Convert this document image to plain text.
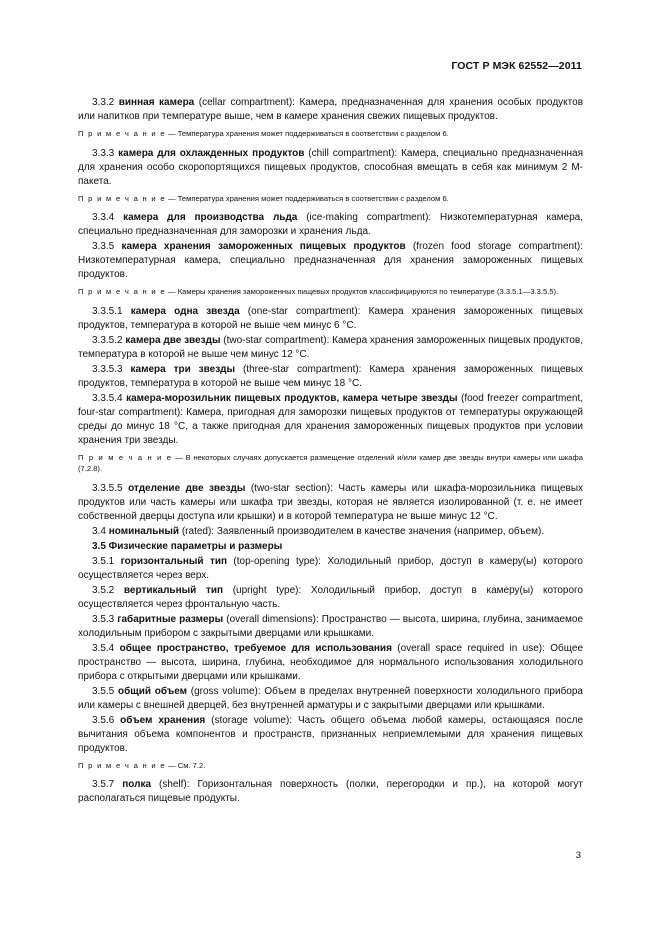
ГОСТ Р МЭК 62552—2011

3.3.2 винная камера (cellar compartment): Камера, предназначенная для хранения особых продуктов или напитков при температуре выше, чем в камере хранения свежих пищевых продуктов.

П р и м е ч а н и е — Температура хранения может поддерживаться в соответствии с разделом 6.

3.3.3 камера для охлажденных продуктов (chill compartment): Камера, специально предназначенная для хранения особо скоропортящихся пищевых продуктов, способная вмещать в себя как минимум 2 М-пакета.

П р и м е ч а н и е — Температура хранения может поддерживаться в соответствии с разделом 6.

3.3.4 камера для производства льда (ice-making compartment): Низкотемпературная камера, специально предназначенная для заморозки и хранения льда.

3.3.5 камера хранения замороженных пищевых продуктов (frozen food storage compartment): Низкотемпературная камера, специально предназначенная для хранения замороженных пищевых продуктов.

П р и м е ч а н и е — Камеры хранения замороженных пищевых продуктов классифицируются по температуре (3.3.5.1—3.3.5.5).

3.3.5.1 камера одна звезда (one-star compartment): Камера хранения замороженных пищевых продуктов, температура в которой не выше чем минус 6 °С.

3.3.5.2 камера две звезды (two-star compartment): Камера хранения замороженных пищевых продуктов, температура в которой не выше чем минус 12 °С.

3.3.5.3 камера три звезды (three-star compartment): Камера хранения замороженных пищевых продуктов, температура в которой не выше чем минус 18 °С.

3.3.5.4 камера-морозильник пищевых продуктов, камера четыре звезды (food freezer compartment, four-star compartment): Камера, пригодная для заморозки пищевых продуктов от температуры окружающей среды до минус 18 °С, а также пригодная для хранения замороженных пищевых продуктов при условии хранения три звезды.

П р и м е ч а н и е — В некоторых случаях допускается размещение отделений и/или камер две звезды внутри камеры или шкафа (7.2.8).

3.3.5.5 отделение две звезды (two-star section): Часть камеры или шкафа-морозильника пищевых продуктов или часть камеры или шкафа три звезды, которая не является изолированной (т. е. не имеет собственной дверцы доступа или крышки) и в которой температура не выше минус 12 °С.

3.4 номинальный (rated): Заявленный производителем в качестве значения (например, объем).

3.5 Физические параметры и размеры

3.5.1 горизонтальный тип (top-opening type): Холодильный прибор, доступ в камеру(ы) которого осуществляется через верх.

3.5.2 вертикальный тип (upright type): Холодильный прибор, доступ в камеру(ы) которого осуществляется через фронтальную часть.

3.5.3 габаритные размеры (overall dimensions): Пространство — высота, ширина, глубина, занимаемое холодильным прибором с закрытыми дверцами или крышками.

3.5.4 общее пространство, требуемое для использования (overall space required in use): Общее пространство — высота, ширина, глубина, необходимое для нормального использования холодильного прибора с открытыми дверцами или крышками.

3.5.5 общий объем (gross volume): Объем в пределах внутренней поверхности холодильного прибора или камеры с внешней дверцей, без внутренней арматуры и с закрытыми дверцами или крышками.

3.5.6 объем хранения (storage volume): Часть общего объема любой камеры, остающаяся после вычитания объема компонентов и пространств, признанных неприемлемыми для хранения пищевых продуктов.

П р и м е ч а н и е — См. 7.2.

3.5.7 полка (shelf): Горизонтальная поверхность (полки, перегородки и пр.), на которой могут располагаться пищевые продукты.

3
